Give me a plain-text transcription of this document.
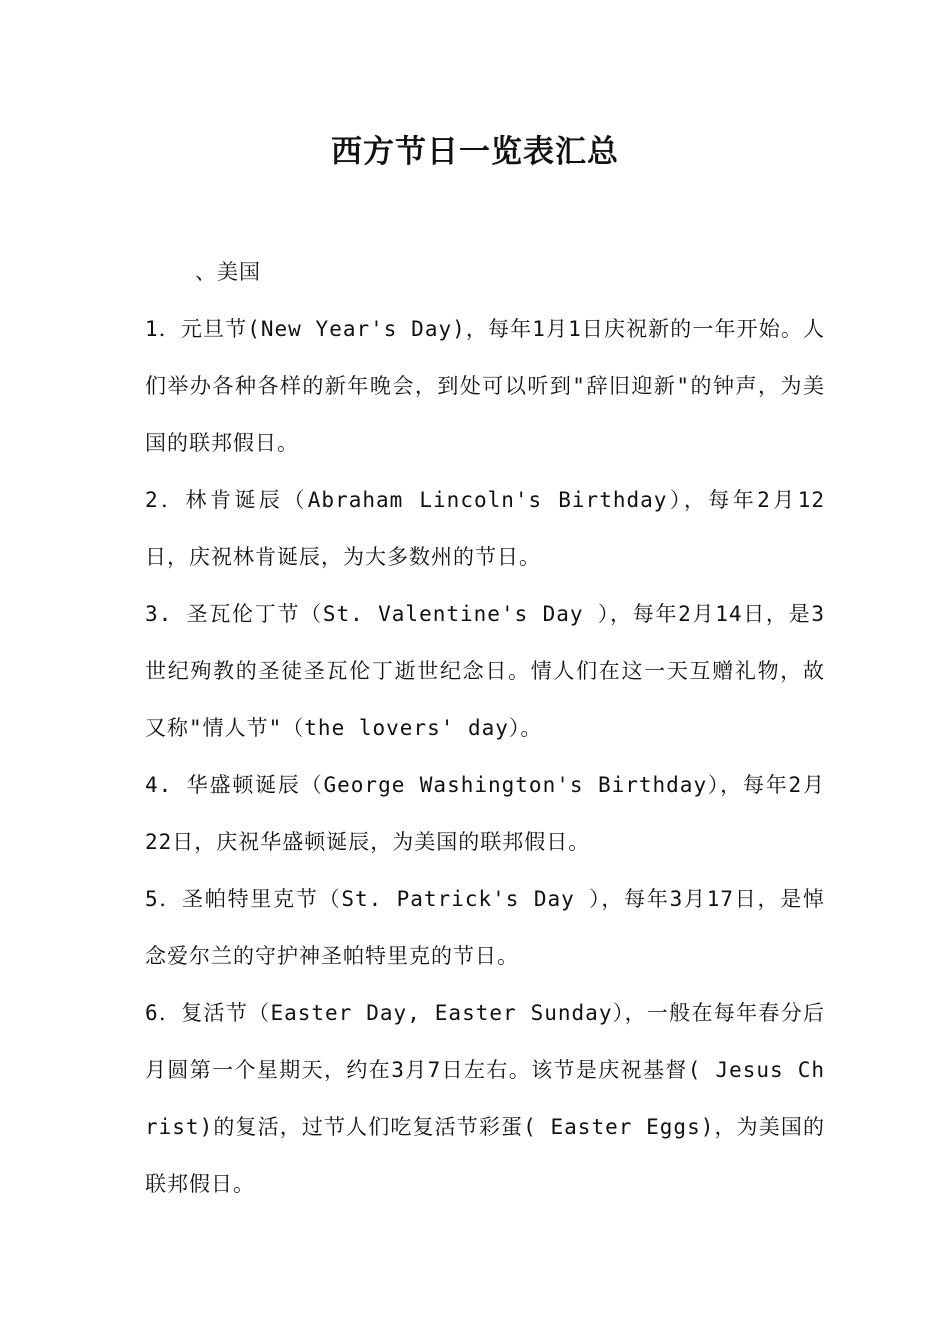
西方节日一览表汇总

、美国

1．元旦节(New Year's Day)，每年1月1日庆祝新的一年开始。人们举办各种各样的新年晚会，到处可以听到"辞旧迎新"的钟声，为美国的联邦假日。

2．林肯诞辰（Abraham Lincoln's Birthday），每年2月12日，庆祝林肯诞辰，为大多数州的节日。

3. 圣瓦伦丁节（St. Valentine's Day ），每年2月14日，是3世纪殉教的圣徒圣瓦伦丁逝世纪念日。情人们在这一天互赠礼物，故又称"情人节"（the lovers' day）。

4. 华盛顿诞辰（George Washington's Birthday），每年2月22日，庆祝华盛顿诞辰，为美国的联邦假日。

5．圣帕特里克节（St. Patrick's Day ），每年3月17日，是悼念爱尔兰的守护神圣帕特里克的节日。

6．复活节（Easter Day, Easter Sunday），一般在每年春分后月圆第一个星期天，约在3月7日左右。该节是庆祝基督( Jesus Christ)的复活，过节人们吃复活节彩蛋( Easter Eggs)，为美国的联邦假日。
